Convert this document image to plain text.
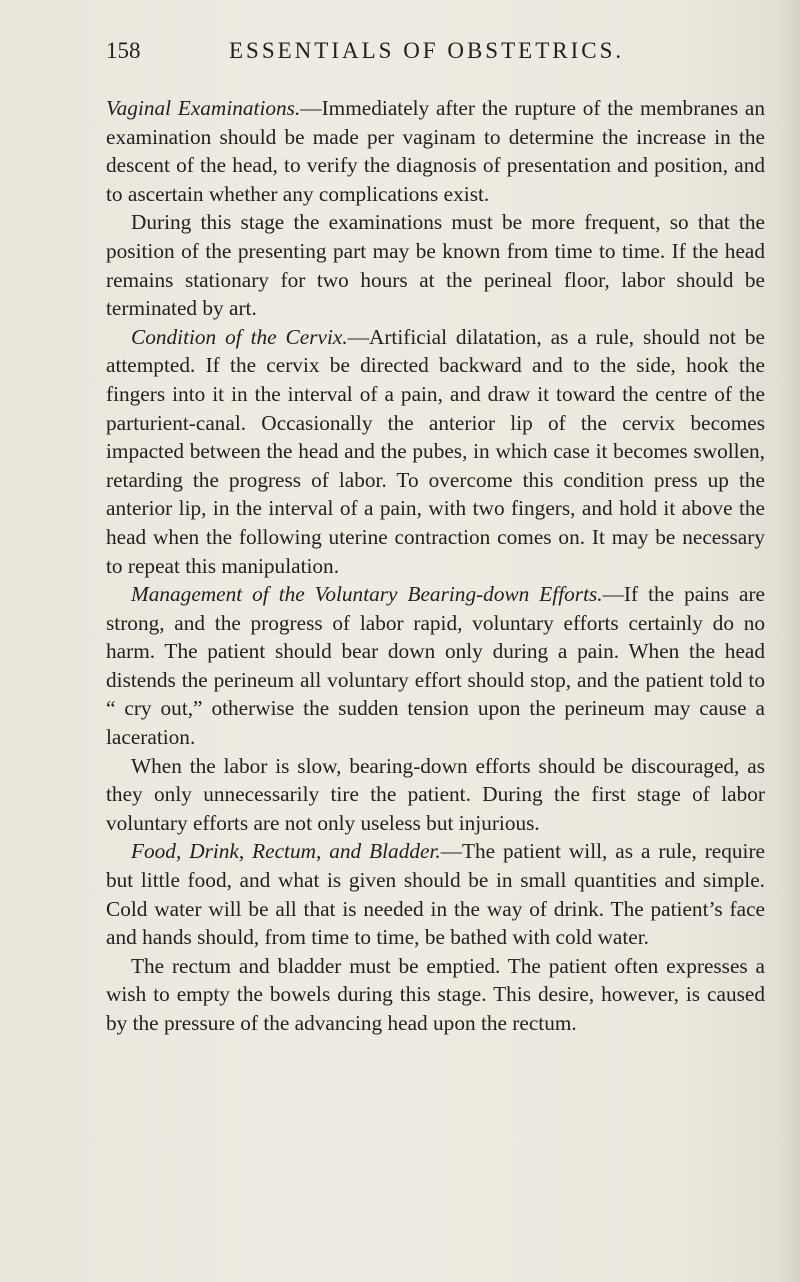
158	ESSENTIALS OF OBSTETRICS.

Vaginal Examinations.—Immediately after the rupture of the membranes an examination should be made per vaginam to determine the increase in the descent of the head, to verify the diagnosis of presentation and position, and to ascertain whether any complications exist.

During this stage the examinations must be more frequent, so that the position of the presenting part may be known from time to time. If the head remains stationary for two hours at the perineal floor, labor should be terminated by art.

Condition of the Cervix.—Artificial dilatation, as a rule, should not be attempted. If the cervix be directed backward and to the side, hook the fingers into it in the interval of a pain, and draw it toward the centre of the parturient-canal. Occasionally the anterior lip of the cervix becomes impacted between the head and the pubes, in which case it becomes swollen, retarding the progress of labor. To overcome this condition press up the anterior lip, in the interval of a pain, with two fingers, and hold it above the head when the following uterine contraction comes on. It may be necessary to repeat this manipulation.

Management of the Voluntary Bearing-down Efforts.—If the pains are strong, and the progress of labor rapid, voluntary efforts certainly do no harm. The patient should bear down only during a pain. When the head distends the perineum all voluntary effort should stop, and the patient told to “ cry out,” otherwise the sudden tension upon the perineum may cause a laceration.

When the labor is slow, bearing-down efforts should be discouraged, as they only unnecessarily tire the patient. During the first stage of labor voluntary efforts are not only useless but injurious.

Food, Drink, Rectum, and Bladder.—The patient will, as a rule, require but little food, and what is given should be in small quantities and simple. Cold water will be all that is needed in the way of drink. The patient’s face and hands should, from time to time, be bathed with cold water.

The rectum and bladder must be emptied. The patient often expresses a wish to empty the bowels during this stage. This desire, however, is caused by the pressure of the advancing head upon the rectum.
